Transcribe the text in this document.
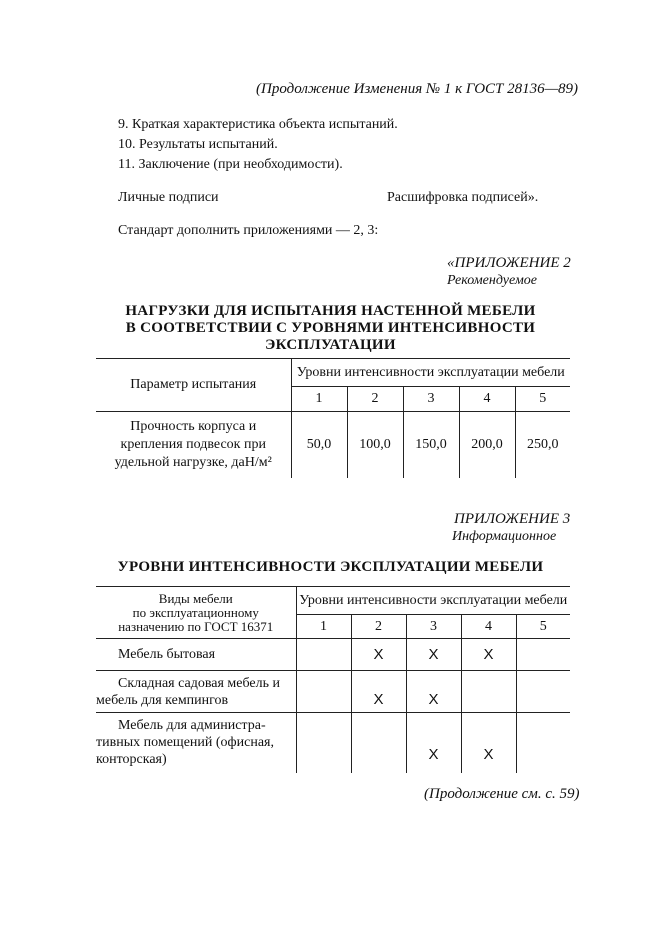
(Продолжение Изменения № 1 к ГОСТ 28136—89)
9. Краткая характеристика объекта испытаний.
10. Результаты испытаний.
11. Заключение (при необходимости).
Личные подписи	Расшифровка подписей».
Стандарт дополнить приложениями — 2, 3:
«ПРИЛОЖЕНИЕ 2
Рекомендуемое
НАГРУЗКИ ДЛЯ ИСПЫТАНИЯ НАСТЕННОЙ МЕБЕЛИ
В СООТВЕТСТВИИ С УРОВНЯМИ ИНТЕНСИВНОСТИ
ЭКСПЛУАТАЦИИ
Параметр испытания	Уровни интенсивности эксплуатации мебели				
	1	2	3	4	5

Прочность корпуса и
крепления подвесок при
удельной нагрузке, даН/м²	50,0	100,0	150,0	200,0	250,0
ПРИЛОЖЕНИЕ 3
Информационное
УРОВНИ ИНТЕНСИВНОСТИ ЭКСПЛУАТАЦИИ МЕБЕЛИ
Виды мебели
по эксплуатационному
назначению по ГОСТ 16371	Уровни интенсивности эксплуатации мебели				
	1	2	3	4	5

Мебель бытовая		X	X	X	

Складная садовая мебель и
мебель для кемпингов		X	X		

Мебель для администра-
тивных помещений (офисная,
конторская)			X	X	
(Продолжение см. с. 59)
